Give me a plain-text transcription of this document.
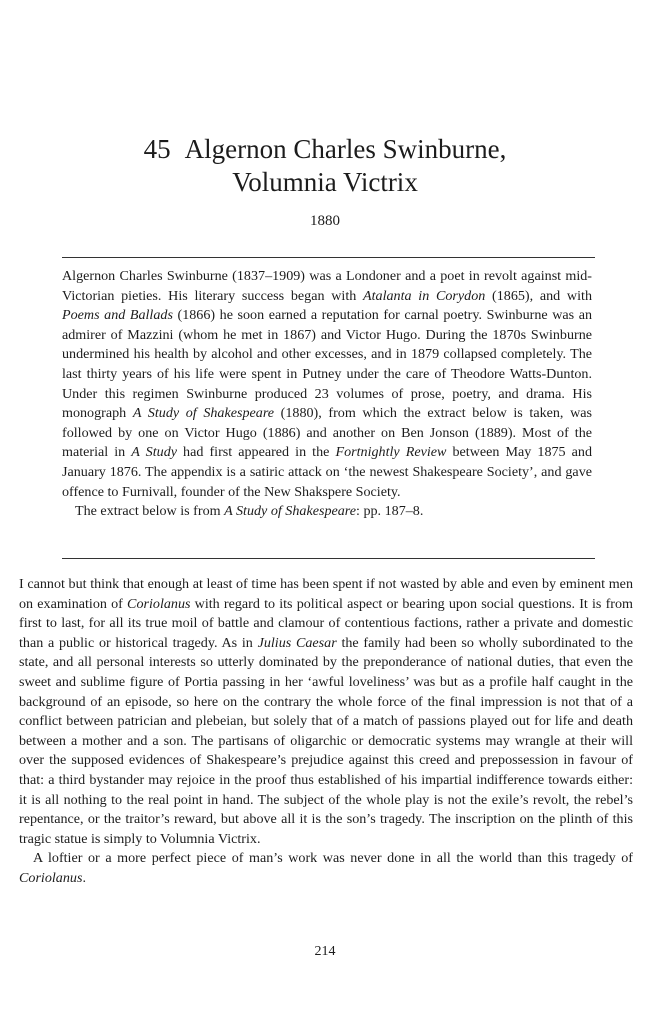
45 Algernon Charles Swinburne,
Volumnia Victrix
1880

Algernon Charles Swinburne (1837–1909) was a Londoner and a poet in revolt against mid-Victorian pieties. His literary success began with Atalanta in Corydon (1865), and with Poems and Ballads (1866) he soon earned a reputation for carnal poetry. Swinburne was an admirer of Mazzini (whom he met in 1867) and Victor Hugo. During the 1870s Swinburne undermined his health by alcohol and other excesses, and in 1879 collapsed completely. The last thirty years of his life were spent in Putney under the care of Theodore Watts-Dunton. Under this regimen Swinburne produced 23 volumes of prose, poetry, and drama. His monograph A Study of Shakespeare (1880), from which the extract below is taken, was followed by one on Victor Hugo (1886) and another on Ben Jonson (1889). Most of the material in A Study had first appeared in the Fortnightly Review between May 1875 and January 1876. The appendix is a satiric attack on ‘the newest Shakespeare Society’, and gave offence to Furnivall, founder of the New Shakspere Society.

The extract below is from A Study of Shakespeare: pp. 187–8.

I cannot but think that enough at least of time has been spent if not wasted by able and even by eminent men on examination of Coriolanus with regard to its political aspect or bearing upon social questions. It is from first to last, for all its true moil of battle and clamour of contentious factions, rather a private and domestic than a public or historical tragedy. As in Julius Caesar the family had been so wholly subordinated to the state, and all personal interests so utterly dominated by the preponderance of national duties, that even the sweet and sublime figure of Portia passing in her ‘awful loveliness’ was but as a profile half caught in the background of an episode, so here on the contrary the whole force of the final impression is not that of a conflict between patrician and plebeian, but solely that of a match of passions played out for life and death between a mother and a son. The partisans of oligarchic or democratic systems may wrangle at their will over the supposed evidences of Shakespeare’s prejudice against this creed and prepossession in favour of that: a third bystander may rejoice in the proof thus established of his impartial indifference towards either: it is all nothing to the real point in hand. The subject of the whole play is not the exile’s revolt, the rebel’s repentance, or the traitor’s reward, but above all it is the son’s tragedy. The inscription on the plinth of this tragic statue is simply to Volumnia Victrix.

A loftier or a more perfect piece of man’s work was never done in all the world than this tragedy of Coriolanus.

214
